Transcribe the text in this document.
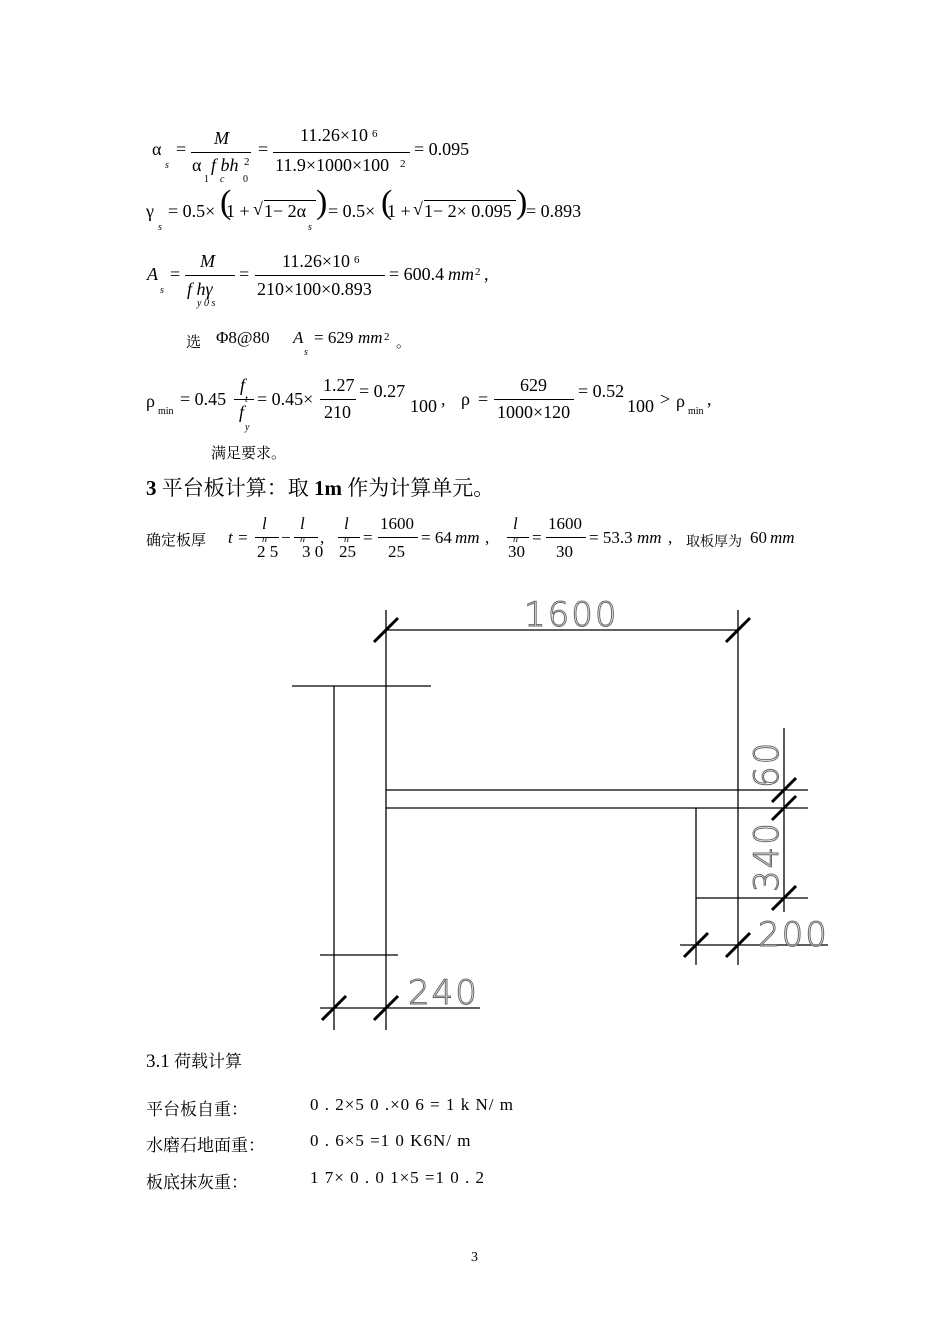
α
s
=
M
α f bh 2
1 c 0
=
11.26×10 6
11.9×1000×100 2
= 0.095
γ
s
= 0.5× (
1 + √ 1− 2α
s
) = 0.5× (
1 + √ 1− 2× 0.095 )
= 0.893
A
s
=
M
f hγ
y 0 s
=
11.26×10 6
210×100×0.893
= 600.4 mm 2 ,
选 Φ8@80 A
s
= 629 mm 2 。
ρ
min
= 0.45
f
f
y
= 0.45×
1.27
210
= 0.27
100 , ρ =
629
1000×120
= 0.52
100 > ρ
min
,
满足要求。
3 平台板计算：取 1m 作为计算单元。
确定板厚 t =
l
n
2 5
−
l
n
3 0
,
l
n
25
=
1600
25
= 64 mm ,
l
n
30
=
1600
30
= 53.3 mm , 取板厚为 60 mm
1600
240
200
60
340
3.1 荷载计算
平台板自重：	0 . 2×5 0 .×0 6 = 1 k N/ m
水磨石地面重：	0 . 6×5 =1 0 K6N/ m
板底抹灰重：	1 7× 0 . 0 1×5 =1 0 . 2
3
